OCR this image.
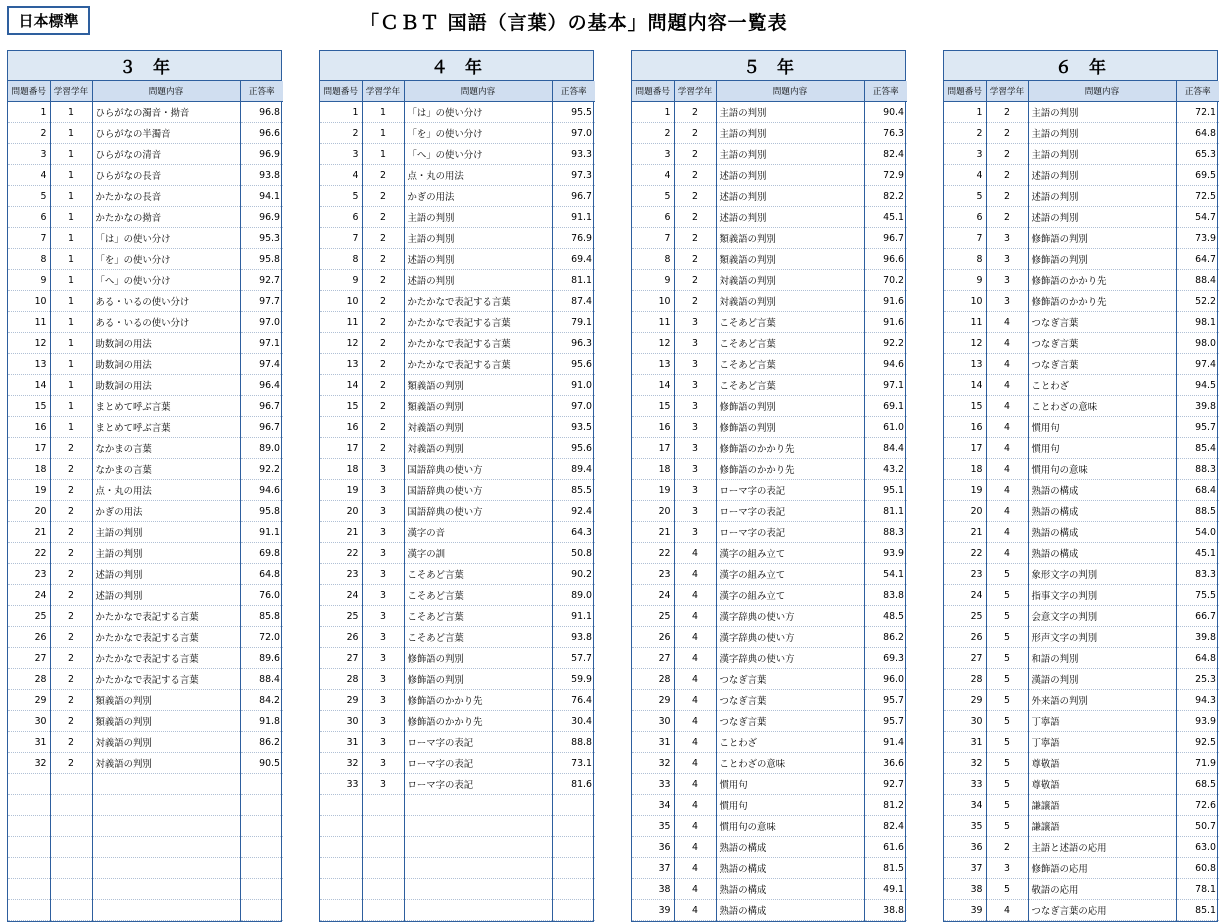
日本標準	「ＣＢＴ 国語（言葉）の基本」問題内容一覧表
３　年
問題番号	学習学年	問題内容	正答率
1	1	ひらがなの濁音・拗音	96.8
2	1	ひらがなの半濁音	96.6
3	1	ひらがなの清音	96.9
4	1	ひらがなの長音	93.8
5	1	かたかなの長音	94.1
6	1	かたかなの拗音	96.9
7	1	「は」の使い分け	95.3
8	1	「を」の使い分け	95.8
9	1	「へ」の使い分け	92.7
10	1	ある・いるの使い分け	97.7
11	1	ある・いるの使い分け	97.0
12	1	助数詞の用法	97.1
13	1	助数詞の用法	97.4
14	1	助数詞の用法	96.4
15	1	まとめて呼ぶ言葉	96.7
16	1	まとめて呼ぶ言葉	96.7
17	2	なかまの言葉	89.0
18	2	なかまの言葉	92.2
19	2	点・丸の用法	94.6
20	2	かぎの用法	95.8
21	2	主語の判別	91.1
22	2	主語の判別	69.8
23	2	述語の判別	64.8
24	2	述語の判別	76.0
25	2	かたかなで表記する言葉	85.8
26	2	かたかなで表記する言葉	72.0
27	2	かたかなで表記する言葉	89.6
28	2	かたかなで表記する言葉	88.4
29	2	類義語の判別	84.2
30	2	類義語の判別	91.8
31	2	対義語の判別	86.2
32	2	対義語の判別	90.5

４　年
問題番号	学習学年	問題内容	正答率
1	1	「は」の使い分け	95.5
2	1	「を」の使い分け	97.0
3	1	「へ」の使い分け	93.3
4	2	点・丸の用法	97.3
5	2	かぎの用法	96.7
6	2	主語の判別	91.1
7	2	主語の判別	76.9
8	2	述語の判別	69.4
9	2	述語の判別	81.1
10	2	かたかなで表記する言葉	87.4
11	2	かたかなで表記する言葉	79.1
12	2	かたかなで表記する言葉	96.3
13	2	かたかなで表記する言葉	95.6
14	2	類義語の判別	91.0
15	2	類義語の判別	97.0
16	2	対義語の判別	93.5
17	2	対義語の判別	95.6
18	3	国語辞典の使い方	89.4
19	3	国語辞典の使い方	85.5
20	3	国語辞典の使い方	92.4
21	3	漢字の音	64.3
22	3	漢字の訓	50.8
23	3	こそあど言葉	90.2
24	3	こそあど言葉	89.0
25	3	こそあど言葉	91.1
26	3	こそあど言葉	93.8
27	3	修飾語の判別	57.7
28	3	修飾語の判別	59.9
29	3	修飾語のかかり先	76.4
30	3	修飾語のかかり先	30.4
31	3	ローマ字の表記	88.8
32	3	ローマ字の表記	73.1
33	3	ローマ字の表記	81.6

５　年
問題番号	学習学年	問題内容	正答率
1	2	主語の判別	90.4
2	2	主語の判別	76.3
3	2	主語の判別	82.4
4	2	述語の判別	72.9
5	2	述語の判別	82.2
6	2	述語の判別	45.1
7	2	類義語の判別	96.7
8	2	類義語の判別	96.6
9	2	対義語の判別	70.2
10	2	対義語の判別	91.6
11	3	こそあど言葉	91.6
12	3	こそあど言葉	92.2
13	3	こそあど言葉	94.6
14	3	こそあど言葉	97.1
15	3	修飾語の判別	69.1
16	3	修飾語の判別	61.0
17	3	修飾語のかかり先	84.4
18	3	修飾語のかかり先	43.2
19	3	ローマ字の表記	95.1
20	3	ローマ字の表記	81.1
21	3	ローマ字の表記	88.3
22	4	漢字の組み立て	93.9
23	4	漢字の組み立て	54.1
24	4	漢字の組み立て	83.8
25	4	漢字辞典の使い方	48.5
26	4	漢字辞典の使い方	86.2
27	4	漢字辞典の使い方	69.3
28	4	つなぎ言葉	96.0
29	4	つなぎ言葉	95.7
30	4	つなぎ言葉	95.7
31	4	ことわざ	91.4
32	4	ことわざの意味	36.6
33	4	慣用句	92.7
34	4	慣用句	81.2
35	4	慣用句の意味	82.4
36	4	熟語の構成	61.6
37	4	熟語の構成	81.5
38	4	熟語の構成	49.1
39	4	熟語の構成	38.8
６　年
問題番号	学習学年	問題内容	正答率
1	2	主語の判別	72.1
2	2	主語の判別	64.8
3	2	主語の判別	65.3
4	2	述語の判別	69.5
5	2	述語の判別	72.5
6	2	述語の判別	54.7
7	3	修飾語の判別	73.9
8	3	修飾語の判別	64.7
9	3	修飾語のかかり先	88.4
10	3	修飾語のかかり先	52.2
11	4	つなぎ言葉	98.1
12	4	つなぎ言葉	98.0
13	4	つなぎ言葉	97.4
14	4	ことわざ	94.5
15	4	ことわざの意味	39.8
16	4	慣用句	95.7
17	4	慣用句	85.4
18	4	慣用句の意味	88.3
19	4	熟語の構成	68.4
20	4	熟語の構成	88.5
21	4	熟語の構成	54.0
22	4	熟語の構成	45.1
23	5	象形文字の判別	83.3
24	5	指事文字の判別	75.5
25	5	会意文字の判別	66.7
26	5	形声文字の判別	39.8
27	5	和語の判別	64.8
28	5	漢語の判別	25.3
29	5	外来語の判別	94.3
30	5	丁寧語	93.9
31	5	丁寧語	92.5
32	5	尊敬語	71.9
33	5	尊敬語	68.5
34	5	謙譲語	72.6
35	5	謙譲語	50.7
36	2	主語と述語の応用	63.0
37	3	修飾語の応用	60.8
38	5	敬語の応用	78.1
39	4	つなぎ言葉の応用	85.1
